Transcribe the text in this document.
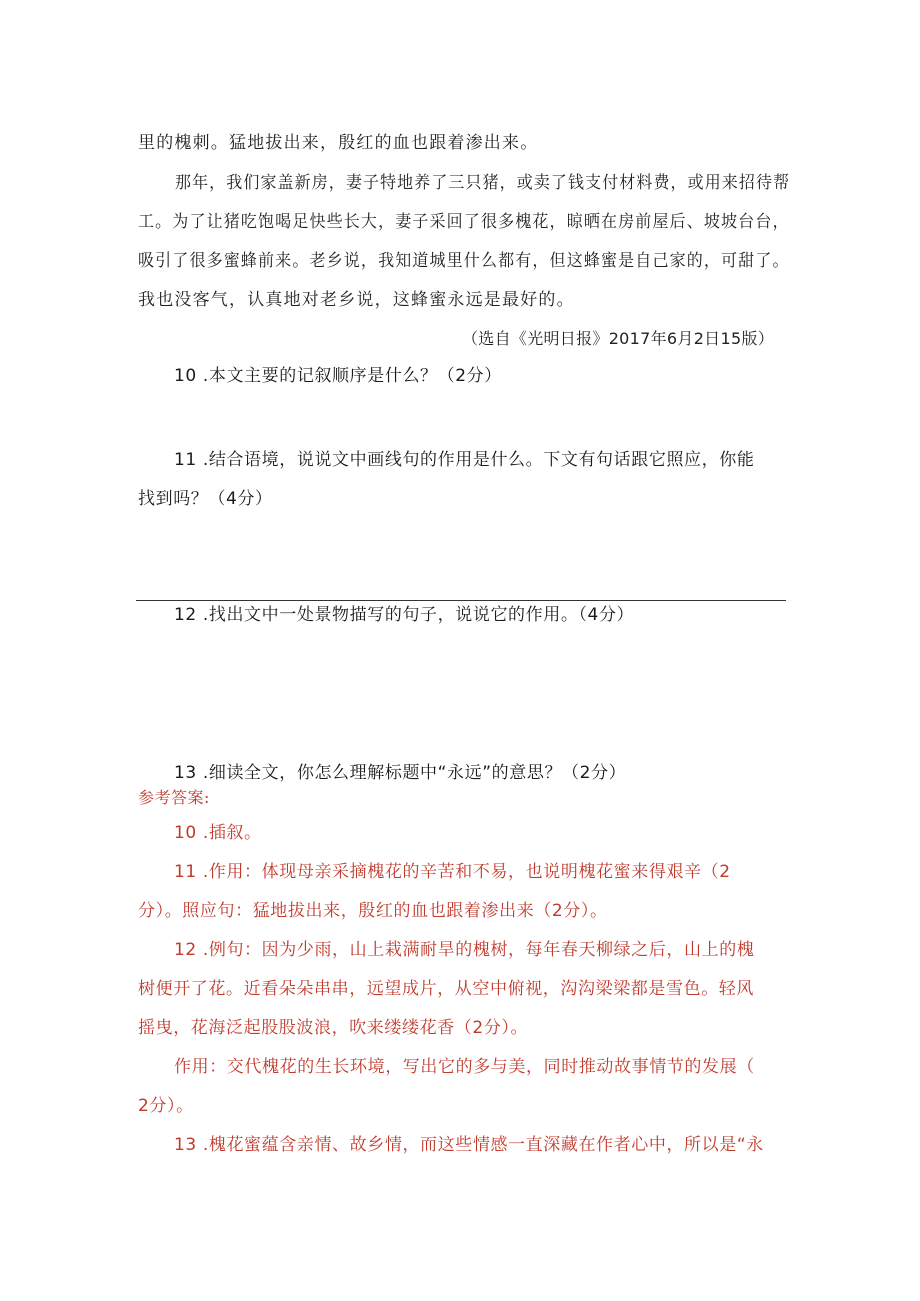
里的槐刺。猛地拔出来，殷红的血也跟着渗出来。
那年，我们家盖新房，妻子特地养了三只猪，或卖了钱支付材料费，或用来招待帮
工。为了让猪吃饱喝足快些长大，妻子采回了很多槐花，晾晒在房前屋后、坡坡台台，
吸引了很多蜜蜂前来。老乡说，我知道城里什么都有，但这蜂蜜是自己家的，可甜了。
我也没客气，认真地对老乡说，这蜂蜜永远是最好的。
（选自《光明日报》2017年6月2日15版）
10 .本文主要的记叙顺序是什么？（2分）
11 .结合语境，说说文中画线句的作用是什么。下文有句话跟它照应，你能
找到吗？（4分）
12 .找出文中一处景物描写的句子，说说它的作用。（4分）
13 .细读全文，你怎么理解标题中“永远”的意思？（2分）
参考答案:
10 .插叙。
11 .作用：体现母亲采摘槐花的辛苦和不易，也说明槐花蜜来得艰辛（2
分）。照应句：猛地拔出来，殷红的血也跟着渗出来（2分）。
12 .例句：因为少雨，山上栽满耐旱的槐树，每年春天柳绿之后，山上的槐
树便开了花。近看朵朵串串，远望成片，从空中俯视，沟沟梁梁都是雪色。轻风
摇曳，花海泛起股股波浪，吹来缕缕花香（2分）。
作用：交代槐花的生长环境，写出它的多与美，同时推动故事情节的发展（
2分）。
13 .槐花蜜蕴含亲情、故乡情，而这些情感一直深藏在作者心中，所以是“永
